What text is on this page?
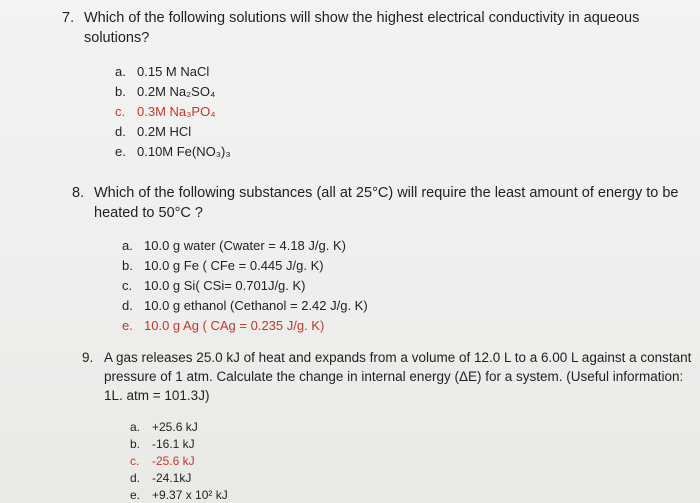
7. Which of the following solutions will show the highest electrical conductivity in aqueous
solutions?
a. 0.15 M NaCl
b. 0.2M Na₂SO₄
c. 0.3M Na₃PO₄
d. 0.2M HCl
e. 0.10M Fe(NO₃)₃
8. Which of the following substances (all at 25°C) will require the least amount of energy to be
heated to 50°C ?
a. 10.0 g water (Cwater = 4.18 J/g. K)
b. 10.0 g Fe ( CFe = 0.445 J/g. K)
c. 10.0 g Si( CSi= 0.701J/g. K)
d. 10.0 g ethanol (Cethanol = 2.42 J/g. K)
e. 10.0 g Ag ( CAg = 0.235 J/g. K)
9. A gas releases 25.0 kJ of heat and expands from a volume of 12.0 L to a 6.00 L against a constant
pressure of 1 atm. Calculate the change in internal energy (ΔE) for a system. (Useful information:
1L. atm = 101.3J)
a. +25.6 kJ
b. -16.1 kJ
c. -25.6 kJ
d. -24.1kJ
e. +9.37 x 10² kJ
